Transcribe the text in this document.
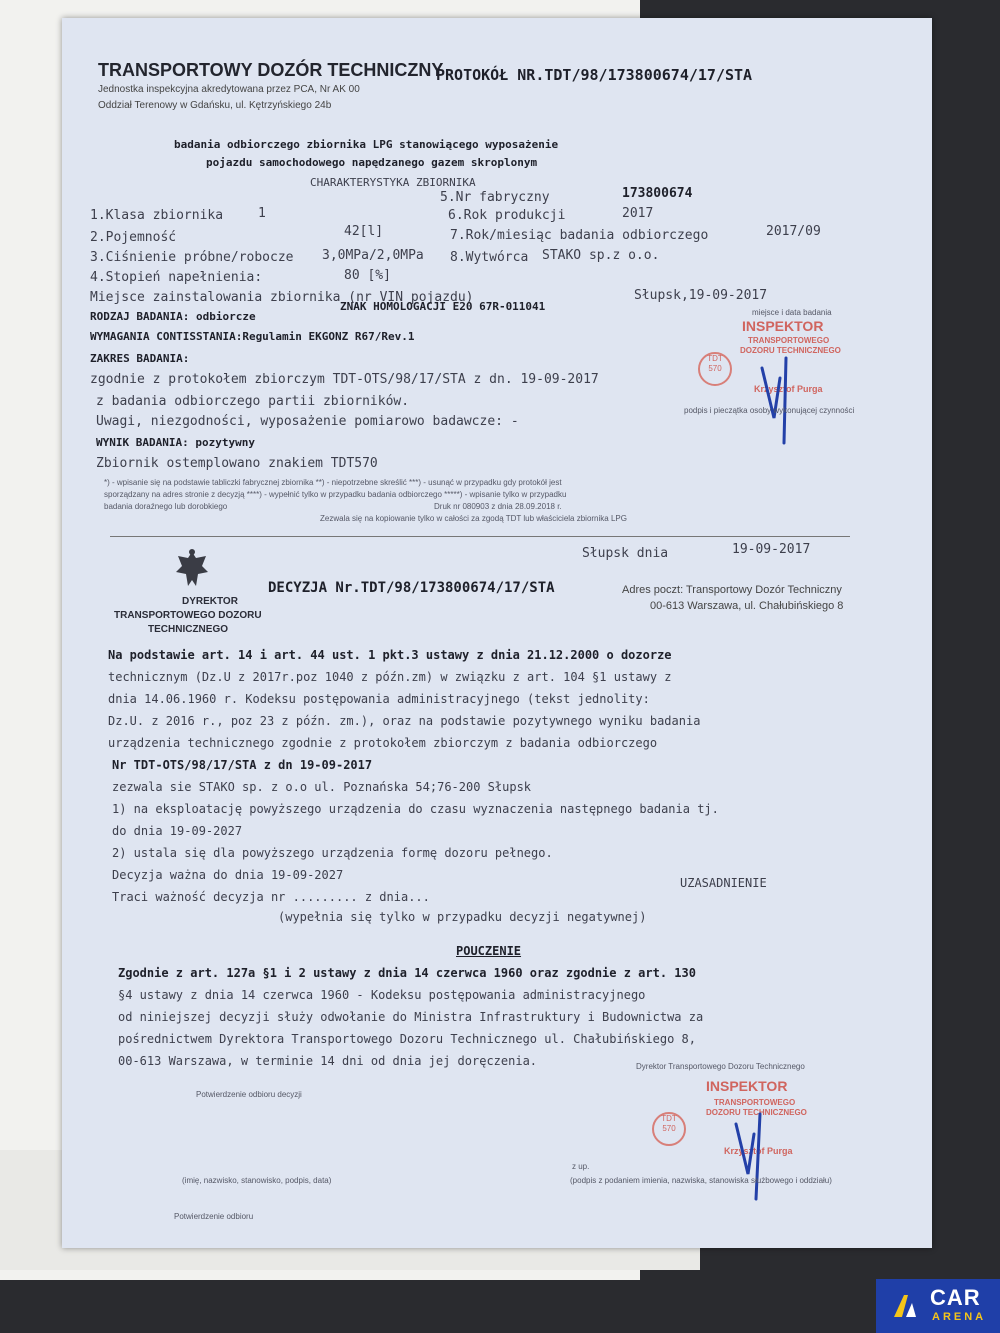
TRANSPORTOWY DOZÓR TECHNICZNY
Jednostka inspekcyjna akredytowana przez PCA, Nr AK 00
Oddział Terenowy w Gdańsku, ul. Kętrzyńskiego 24b
PROTOKÓŁ NR.TDT/98/173800674/17/STA
badania odbiorczego zbiornika LPG stanowiącego wyposażenie
pojazdu samochodowego napędzanego gazem skroplonym
CHARAKTERYSTYKA ZBIORNIKA
5.Nr fabryczny	173800674
1.Klasa zbiornika	1	6.Rok produkcji	2017
2.Pojemność	42[l]	7.Rok/miesiąc badania odbiorczego	2017/09
3.Ciśnienie próbne/robocze 3,0MPa/2,0MPa 8.Wytwórca STAKO sp.z o.o.
4.Stopień napełnienia:	80 [%]
Miejsce zainstalowania zbiornika (nr VIN pojazdu)
RODZAJ BADANIA: odbiorcze
ZNAK HOMOLOGACJI E20 67R-011041
Słupsk,19-09-2017
WYMAGANIA CONTISSTANIA:Regulamin EKGONZ R67/Rev.1
ZAKRES BADANIA:
zgodnie z protokołem zbiorczym TDT-OTS/98/17/STA z dn. 19-09-2017
z badania odbiorczego partii zbiorników.
Uwagi, niezgodności, wyposażenie pomiarowo badawcze: -
WYNIK BADANIA: pozytywny
Zbiornik ostemplowano znakiem TDT570
*) - wpisanie się na podstawie tabliczki fabrycznej zbiornika **) - niepotrzebne skreślić ***) - usunąć w przypadku gdy protokół jest
sporządzany na adres stronie z decyzją ****) - wypełnić tylko w przypadku badania odbiorczego *****) - wpisanie tylko w przypadku
badania doraźnego lub dorobkiego	Druk nr 080903 z dnia 28.09.2018 r.
Zezwala się na kopiowanie tylko w całości za zgodą TDT lub właściciela zbiornika LPG
miejsce i data badania
INSPEKTOR
TRANSPORTOWEGO
DOZORU TECHNICZNEGO
TDT
570
Krzysztof Purga
podpis i pieczątka osoby wykonującej czynności
DYREKTOR
TRANSPORTOWEGO DOZORU
TECHNICZNEGO
Słupsk dnia	19-09-2017
DECYZJA Nr.TDT/98/173800674/17/STA	Adres poczt: Transportowy Dozór Techniczny
00-613 Warszawa, ul. Chałubińskiego 8
Na podstawie art. 14 i art. 44 ust. 1 pkt.3 ustawy z dnia 21.12.2000 o dozorze
technicznym (Dz.U z 2017r.poz 1040 z późn.zm) w związku z art. 104 §1 ustawy z
dnia 14.06.1960 r. Kodeksu postępowania administracyjnego (tekst jednolity:
Dz.U. z 2016 r., poz 23 z późn. zm.), oraz na podstawie pozytywnego wyniku badania
urządzenia technicznego zgodnie z protokołem zbiorczym z badania odbiorczego
Nr TDT-OTS/98/17/STA z dn 19-09-2017
zezwala sie STAKO sp. z o.o ul. Poznańska 54;76-200 Słupsk
1) na eksploatację powyższego urządzenia do czasu wyznaczenia następnego badania tj.
do dnia 19-09-2027
2) ustala się dla powyższego urządzenia formę dozoru pełnego.
Decyzja ważna do dnia 19-09-2027
Traci ważność decyzja nr ......... z dnia...
UZASADNIENIE
(wypełnia się tylko w przypadku decyzji negatywnej)
POUCZENIE
Zgodnie z art. 127a §1 i 2 ustawy z dnia 14 czerwca 1960 oraz zgodnie z art. 130
§4 ustawy z dnia 14 czerwca 1960 - Kodeksu postępowania administracyjnego
od niniejszej decyzji służy odwołanie do Ministra Infrastruktury i Budownictwa za
pośrednictwem Dyrektora Transportowego Dozoru Technicznego ul. Chałubińskiego 8,
00-613 Warszawa, w terminie 14 dni od dnia jej doręczenia.	Dyrektor Transportowego Dozoru Technicznego
INSPEKTOR
TRANSPORTOWEGO
DOZORU TECHNICZNEGO
TDT
570
Krzysztof Purga
Potwierdzenie odbioru decyzji
z up.
(podpis z podaniem imienia, nazwiska, stanowiska służbowego i oddziału)
(imię, nazwisko, stanowisko, podpis, data)
Potwierdzenie odbioru
CAR
ARENA
